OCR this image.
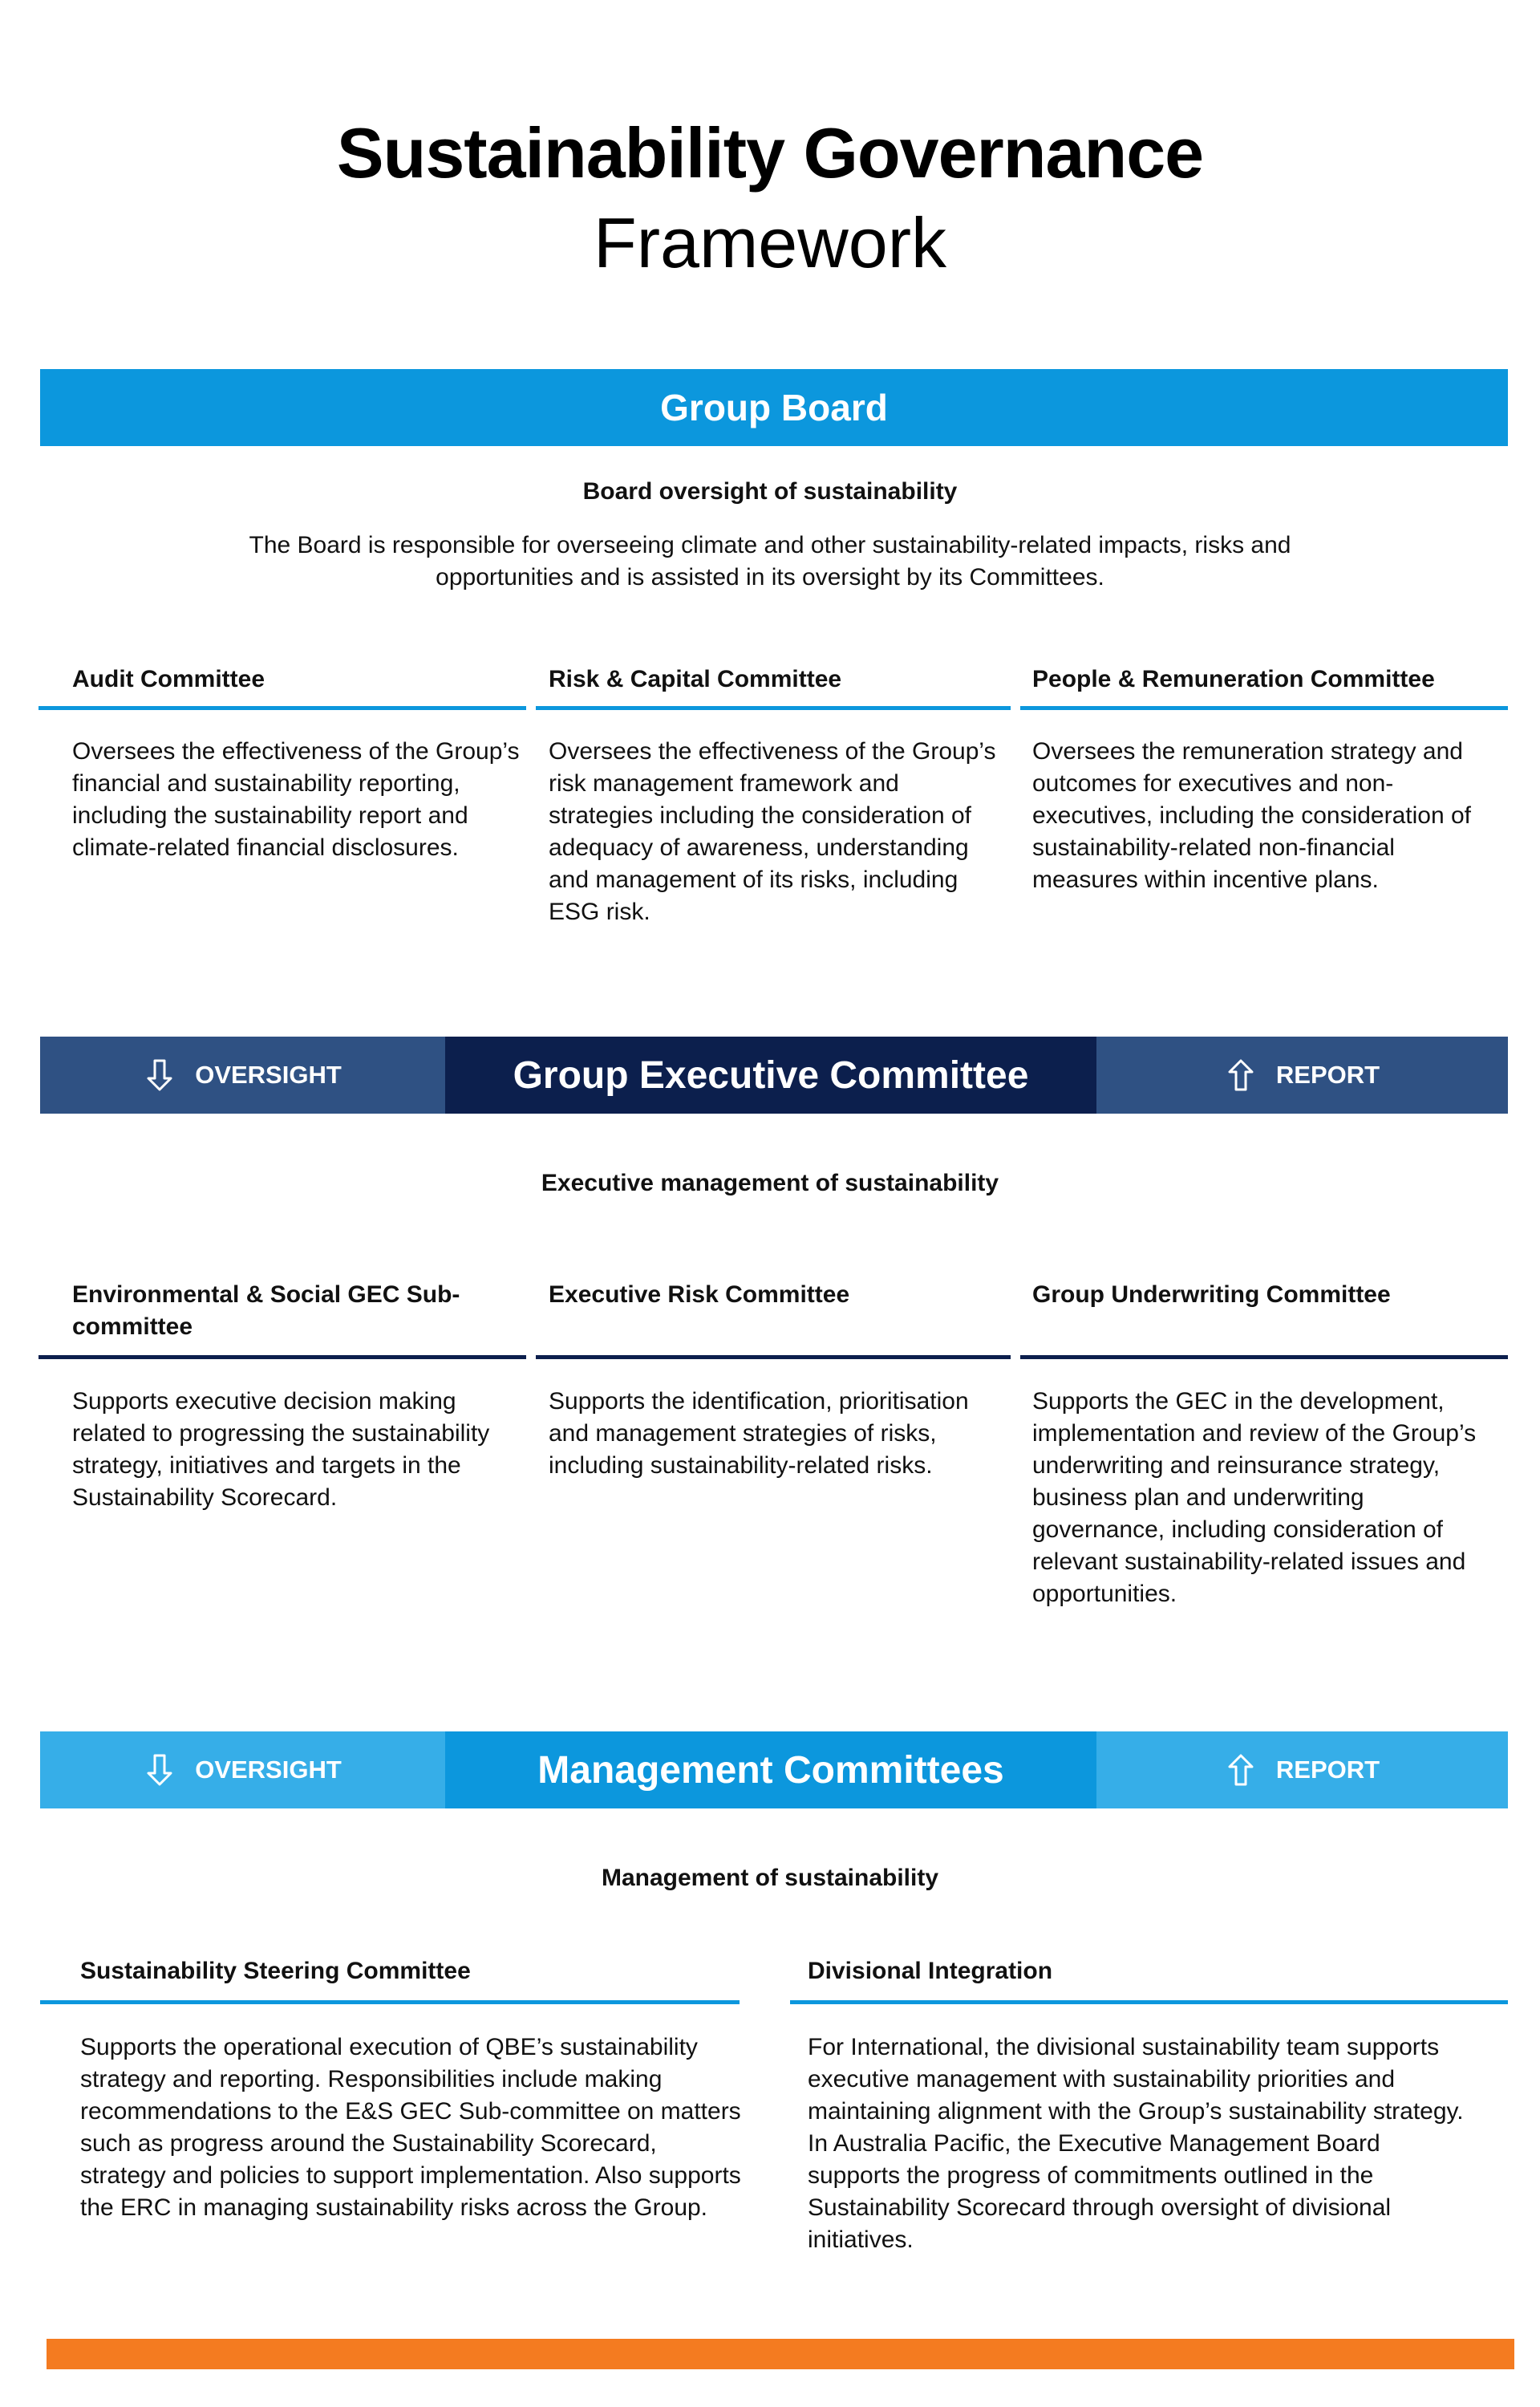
Sustainability Governance
Framework
Group Board
Board oversight of sustainability
The Board is responsible for overseeing climate and other sustainability-related impacts, risks and opportunities and is assisted in its oversight by its Committees.
Audit Committee
Oversees the effectiveness of the Group’s financial and sustainability reporting, including the sustainability report and climate-related financial disclosures.
Risk & Capital Committee
Oversees the effectiveness of the Group’s risk management framework and strategies including the consideration of adequacy of awareness, understanding and management of its risks, including ESG risk.
People & Remuneration Committee
Oversees the remuneration strategy and outcomes for executives and non- executives, including the consideration of sustainability-related non-financial measures within incentive plans.
OVERSIGHT	Group Executive Committee	REPORT
Executive management of sustainability
Environmental & Social GEC Sub-committee
Supports executive decision making related to progressing the sustainability strategy, initiatives and targets in the Sustainability Scorecard.
Executive Risk Committee
Supports the identification, prioritisation and management strategies of risks, including sustainability-related risks.
Group Underwriting Committee
Supports the GEC in the development, implementation and review of the Group’s underwriting and reinsurance strategy, business plan and underwriting governance, including consideration of relevant sustainability-related issues and opportunities.
OVERSIGHT	Management Committees	REPORT
Management of sustainability
Sustainability Steering Committee
Supports the operational execution of QBE’s sustainability strategy and reporting. Responsibilities include making recommendations to the E&S GEC Sub-committee on matters such as progress around the Sustainability Scorecard, strategy and policies to support implementation. Also supports the ERC in managing sustainability risks across the Group.
Divisional Integration
For International, the divisional sustainability team supports executive management with sustainability priorities and maintaining alignment with the Group’s sustainability strategy. In Australia Pacific, the Executive Management Board supports the progress of commitments outlined in the Sustainability Scorecard through oversight of divisional initiatives.
